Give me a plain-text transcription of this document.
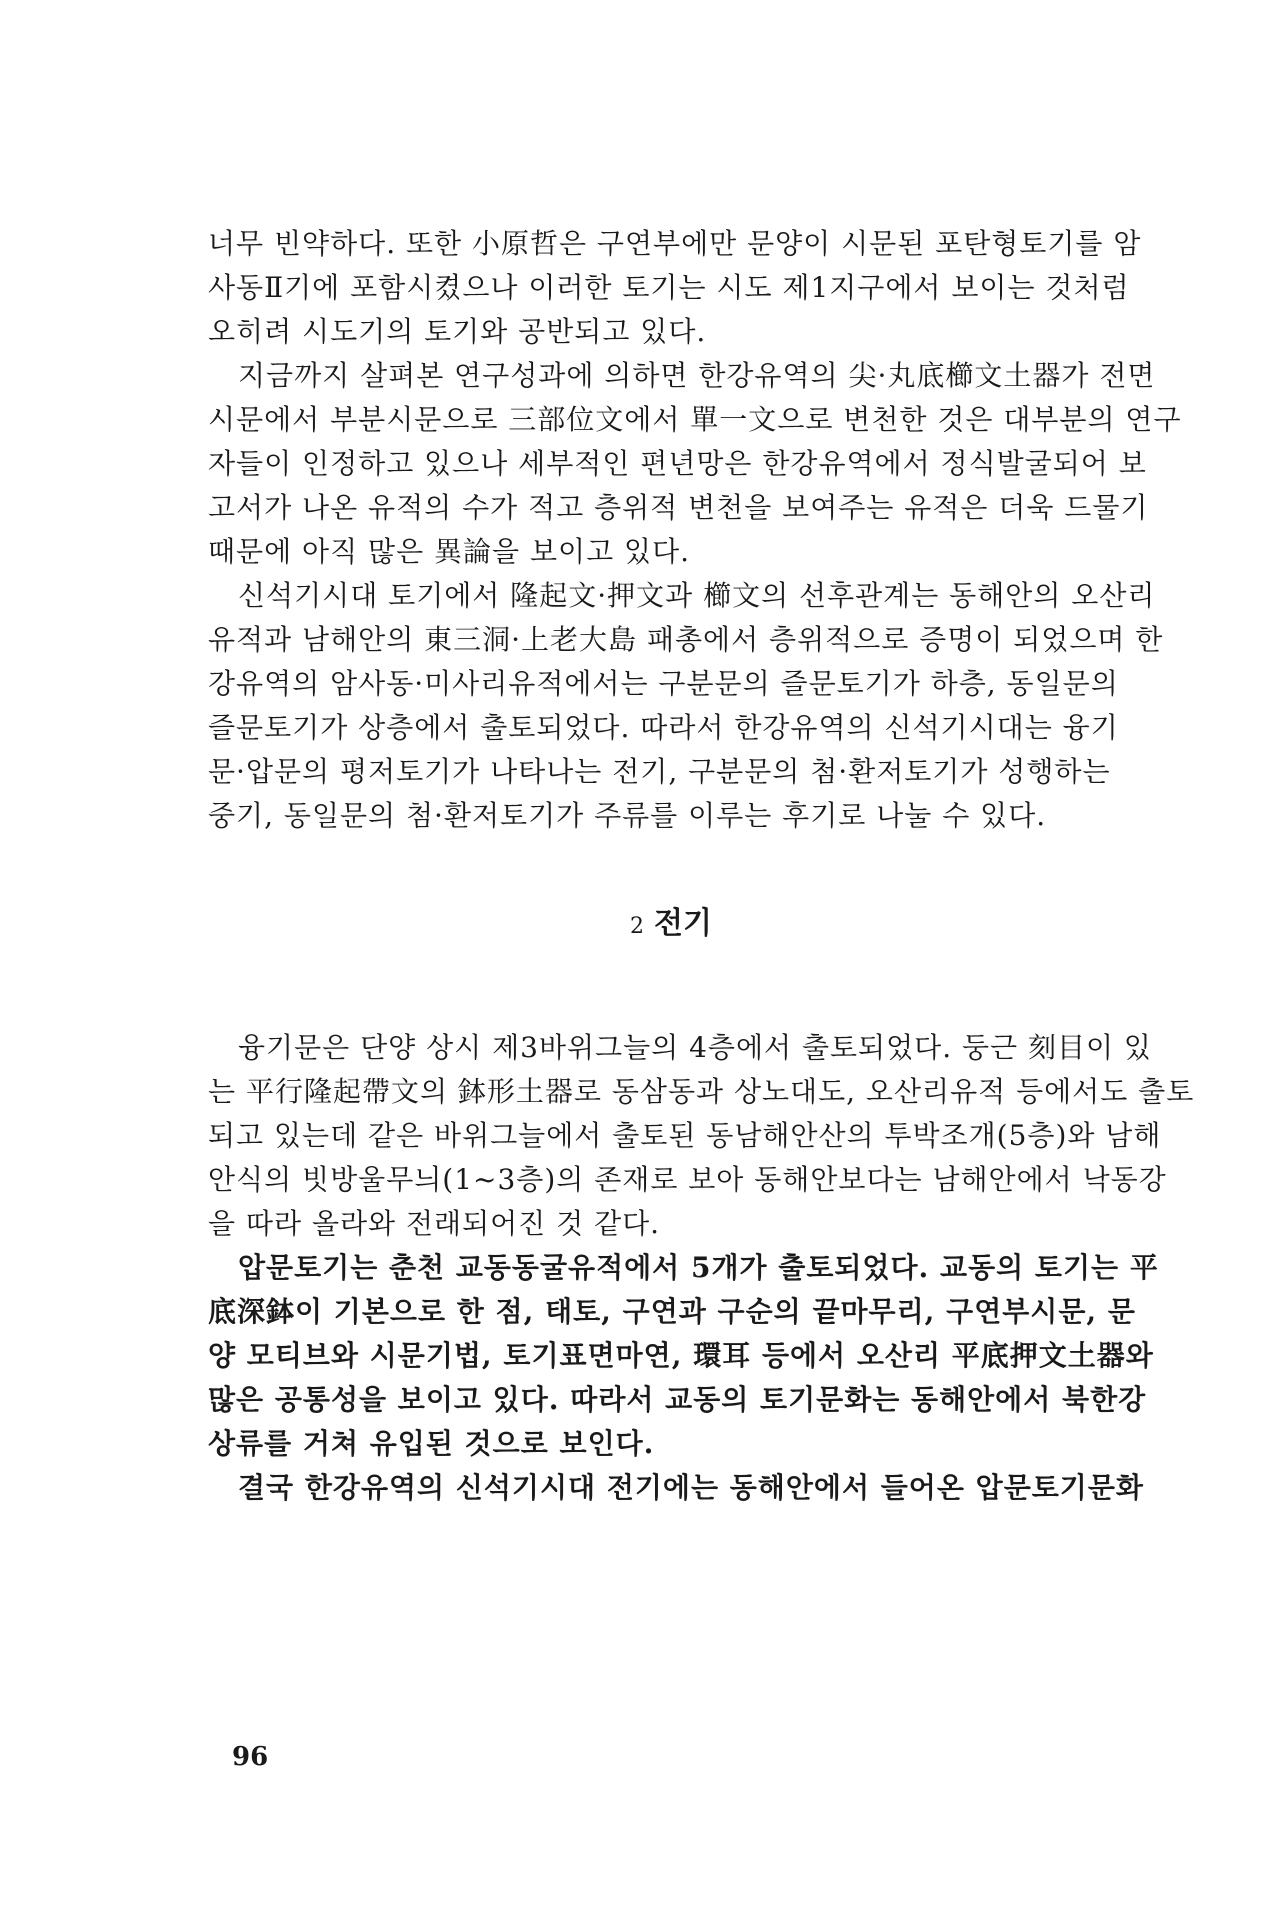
너무 빈약하다. 또한 小原哲은 구연부에만 문양이 시문된 포탄형토기를 암
사동Ⅱ기에 포함시켰으나 이러한 토기는 시도 제1지구에서 보이는 것처럼
오히려 시도기의 토기와 공반되고 있다.
지금까지 살펴본 연구성과에 의하면 한강유역의 尖·丸底櫛文土器가 전면
시문에서 부분시문으로 三部位文에서 單一文으로 변천한 것은 대부분의 연구
자들이 인정하고 있으나 세부적인 편년망은 한강유역에서 정식발굴되어 보
고서가 나온 유적의 수가 적고 층위적 변천을 보여주는 유적은 더욱 드물기
때문에 아직 많은 異論을 보이고 있다.
신석기시대 토기에서 隆起文·押文과 櫛文의 선후관계는 동해안의 오산리
유적과 남해안의 東三洞·上老大島 패총에서 층위적으로 증명이 되었으며 한
강유역의 암사동·미사리유적에서는 구분문의 즐문토기가 하층, 동일문의
즐문토기가 상층에서 출토되었다. 따라서 한강유역의 신석기시대는 융기
문·압문의 평저토기가 나타나는 전기, 구분문의 첨·환저토기가 성행하는
중기, 동일문의 첨·환저토기가 주류를 이루는 후기로 나눌 수 있다.
2 전기
융기문은 단양 상시 제3바위그늘의 4층에서 출토되었다. 둥근 刻目이 있
는 平行隆起帶文의 鉢形土器로 동삼동과 상노대도, 오산리유적 등에서도 출토
되고 있는데 같은 바위그늘에서 출토된 동남해안산의 투박조개(5층)와 남해
안식의 빗방울무늬(1~3층)의 존재로 보아 동해안보다는 남해안에서 낙동강
을 따라 올라와 전래되어진 것 같다.
압문토기는 춘천 교동동굴유적에서 5개가 출토되었다. 교동의 토기는 平
底深鉢이 기본으로 한 점, 태토, 구연과 구순의 끝마무리, 구연부시문, 문
양 모티브와 시문기법, 토기표면마연, 環耳 등에서 오산리 平底押文土器와
많은 공통성을 보이고 있다. 따라서 교동의 토기문화는 동해안에서 북한강
상류를 거쳐 유입된 것으로 보인다.
결국 한강유역의 신석기시대 전기에는 동해안에서 들어온 압문토기문화
96
